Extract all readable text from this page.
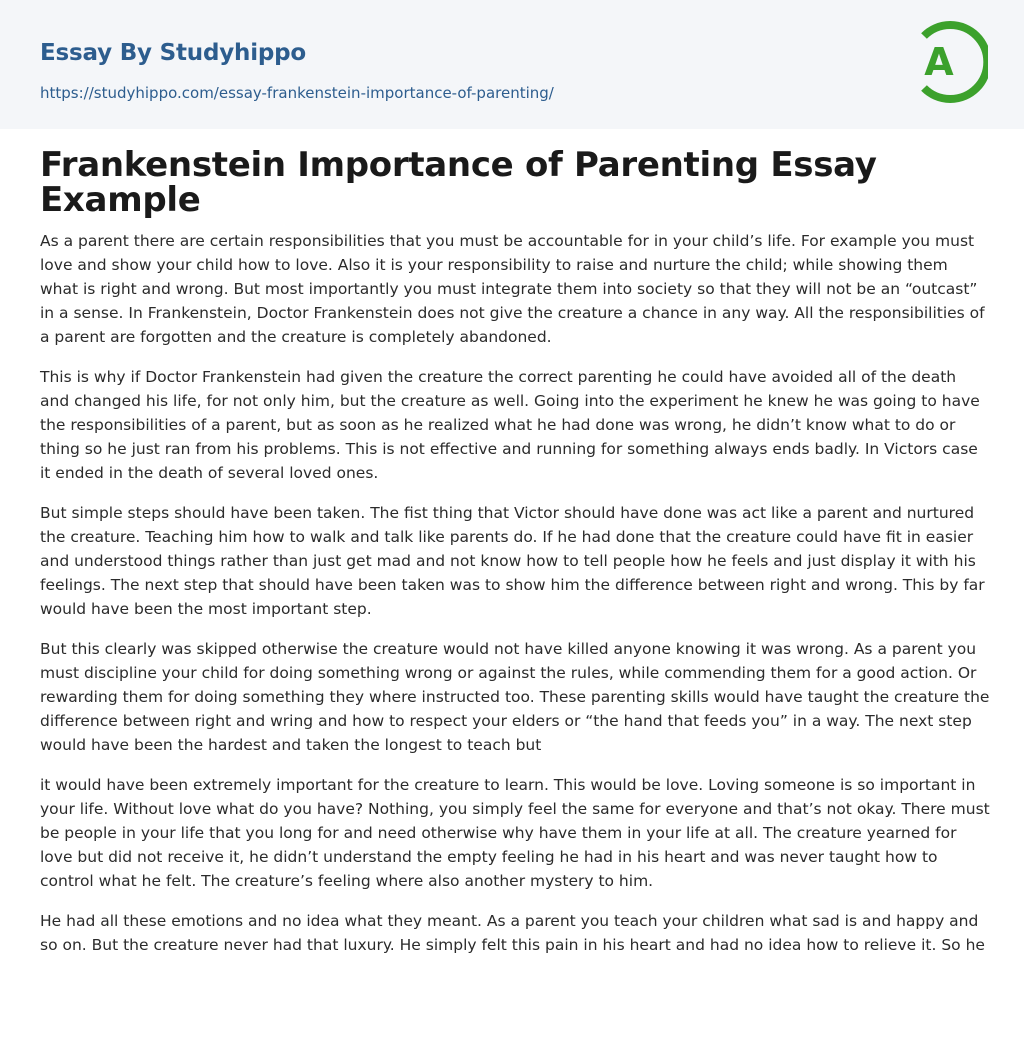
Essay By Studyhippo
https://studyhippo.com/essay-frankenstein-importance-of-parenting/
A
Frankenstein Importance of Parenting Essay Example

As a parent there are certain responsibilities that you must be accountable for in your child’s life. For example you must love and show your child how to love. Also it is your responsibility to raise and nurture the child; while showing them what is right and wrong. But most importantly you must integrate them into society so that they will not be an “outcast” in a sense. In Frankenstein, Doctor Frankenstein does not give the creature a chance in any way. All the responsibilities of a parent are forgotten and the creature is completely abandoned.

This is why if Doctor Frankenstein had given the creature the correct parenting he could have avoided all of the death and changed his life, for not only him, but the creature as well. Going into the experiment he knew he was going to have the responsibilities of a parent, but as soon as he realized what he had done was wrong, he didn’t know what to do or thing so he just ran from his problems. This is not effective and running for something always ends badly. In Victors case it ended in the death of several loved ones.

But simple steps should have been taken. The fist thing that Victor should have done was act like a parent and nurtured the creature. Teaching him how to walk and talk like parents do. If he had done that the creature could have fit in easier and understood things rather than just get mad and not know how to tell people how he feels and just display it with his feelings. The next step that should have been taken was to show him the difference between right and wrong. This by far would have been the most important step.

But this clearly was skipped otherwise the creature would not have killed anyone knowing it was wrong. As a parent you must discipline your child for doing something wrong or against the rules, while commending them for a good action. Or rewarding them for doing something they where instructed too. These parenting skills would have taught the creature the difference between right and wring and how to respect your elders or “the hand that feeds you” in a way. The next step would have been the hardest and taken the longest to teach but

it would have been extremely important for the creature to learn. This would be love. Loving someone is so important in your life. Without love what do you have? Nothing, you simply feel the same for everyone and that’s not okay. There must be people in your life that you long for and need otherwise why have them in your life at all. The creature yearned for love but did not receive it, he didn’t understand the empty feeling he had in his heart and was never taught how to control what he felt. The creature’s feeling where also another mystery to him.

He had all these emotions and no idea what they meant. As a parent you teach your children what sad is and happy and so on. But the creature never had that luxury. He simply felt this pain in his heart and had no idea how to relieve it. So he
